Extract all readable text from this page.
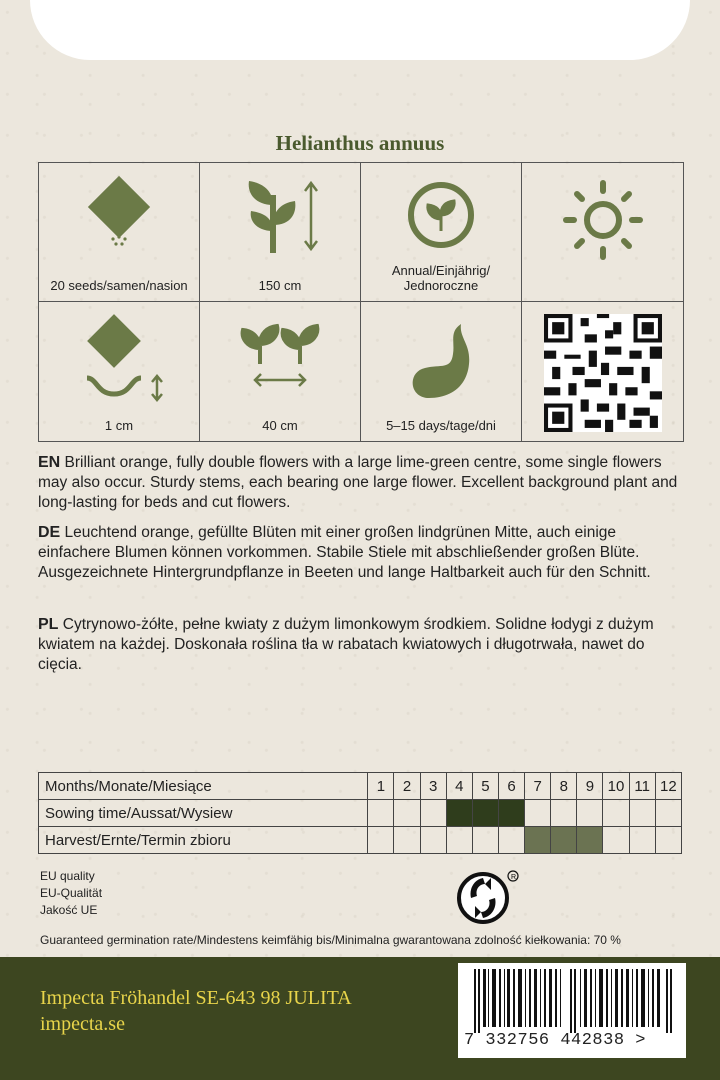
Helianthus annuus
20 seeds/samen/nasion	150 cm
Annual/Einjährig/ Jednoroczne
1 cm	40 cm	5–15 days/tage/dni
EN Brilliant orange, fully double flowers with a large lime-green centre, some single flowers may also occur. Sturdy stems, each bearing one large flower. Excellent background plant and long-lasting for beds and cut flowers.
DE Leuchtend orange, gefüllte Blüten mit einer großen lindgrünen Mitte, auch einige einfachere Blumen können vorkommen. Stabile Stiele mit abschließender großen Blüte. Ausgezeichnete Hintergrundpflanze in Beeten und lange Haltbarkeit auch für den Schnitt.
PL Cytrynowo-żółte, pełne kwiaty z dużym limonkowym środkiem. Solidne łodygi z dużym kwiatem na każdej. Doskonała roślina tła w rabatach kwiatowych i długotrwała, nawet do cięcia.
Months/Monate/Miesiące	1	2	3	4	5	6	7	8	9	10	11	12
Sowing time/Aussat/Wysiew												
Harvest/Ernte/Termin zbioru												
EU quality
EU-Qualität
Jakość UE
R
Guaranteed germination rate/Mindestens keimfähig bis/Minimalna gwarantowana zdolność kiełkowania: 70 %
Impecta Fröhandel SE-643 98 JULITA
impecta.se
7 332756 442838 >
